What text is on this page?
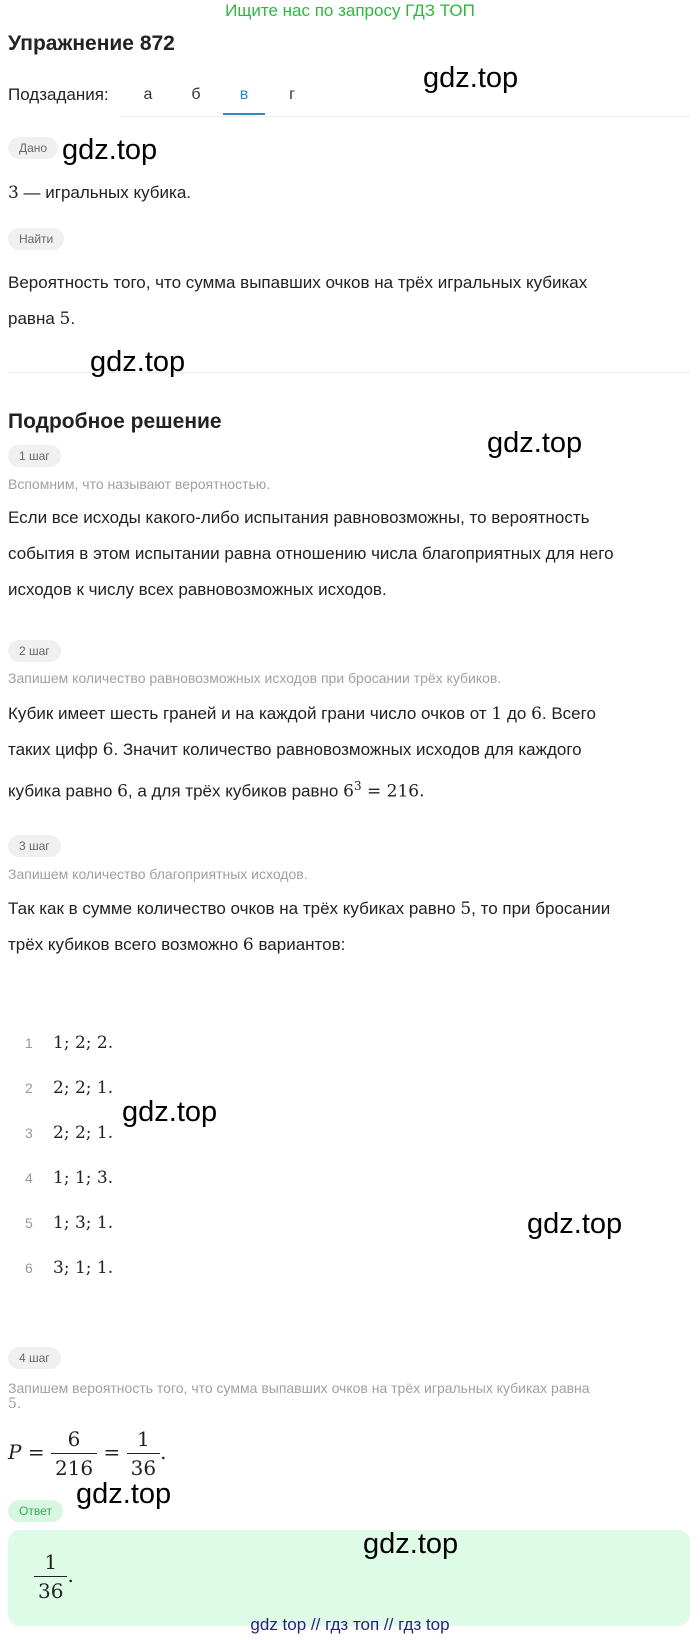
Ищите нас по запросу ГДЗ ТОП
Упражнение 872
Подзадания:	а	б	в	г
Дано
3 — игральных кубика.
Найти
Вероятность того, что сумма выпавших очков на трёх игральных кубиках
равна 5.
Подробное решение
1 шаг
Вспомним, что называют вероятностью.
Если все исходы какого-либо испытания равновозможны, то вероятность
события в этом испытании равна отношению числа благоприятных для него
исходов к числу всех равновозможных исходов.
2 шаг
Запишем количество равновозможных исходов при бросании трёх кубиков.
Кубик имеет шесть граней и на каждой грани число очков от 1 до 6. Всего
таких цифр 6. Значит количество равновозможных исходов для каждого
кубика равно 6, а для трёх кубиков равно $6^3 = 216$.
3 шаг
Запишем количество благоприятных исходов.
Так как в сумме количество очков на трёх кубиках равно 5, то при бросании
трёх кубиков всего возможно 6 вариантов:
1 1; 2; 2.
2 2; 2; 1.
3 2; 2; 1.
4 1; 1; 3.
5 1; 3; 1.
6 3; 1; 1.
4 шаг
Запишем вероятность того, что сумма выпавших очков на трёх игральных кубиках равна
5.
$P = \frac{6}{216} = \frac{1}{36}$ .
Ответ
$\frac{1}{36}$ .
gdz.top
gdz.top
gdz.top
gdz.top
gdz.top
gdz.top
gdz.top
gdz.top
gdz top // гдз топ // гдз top
